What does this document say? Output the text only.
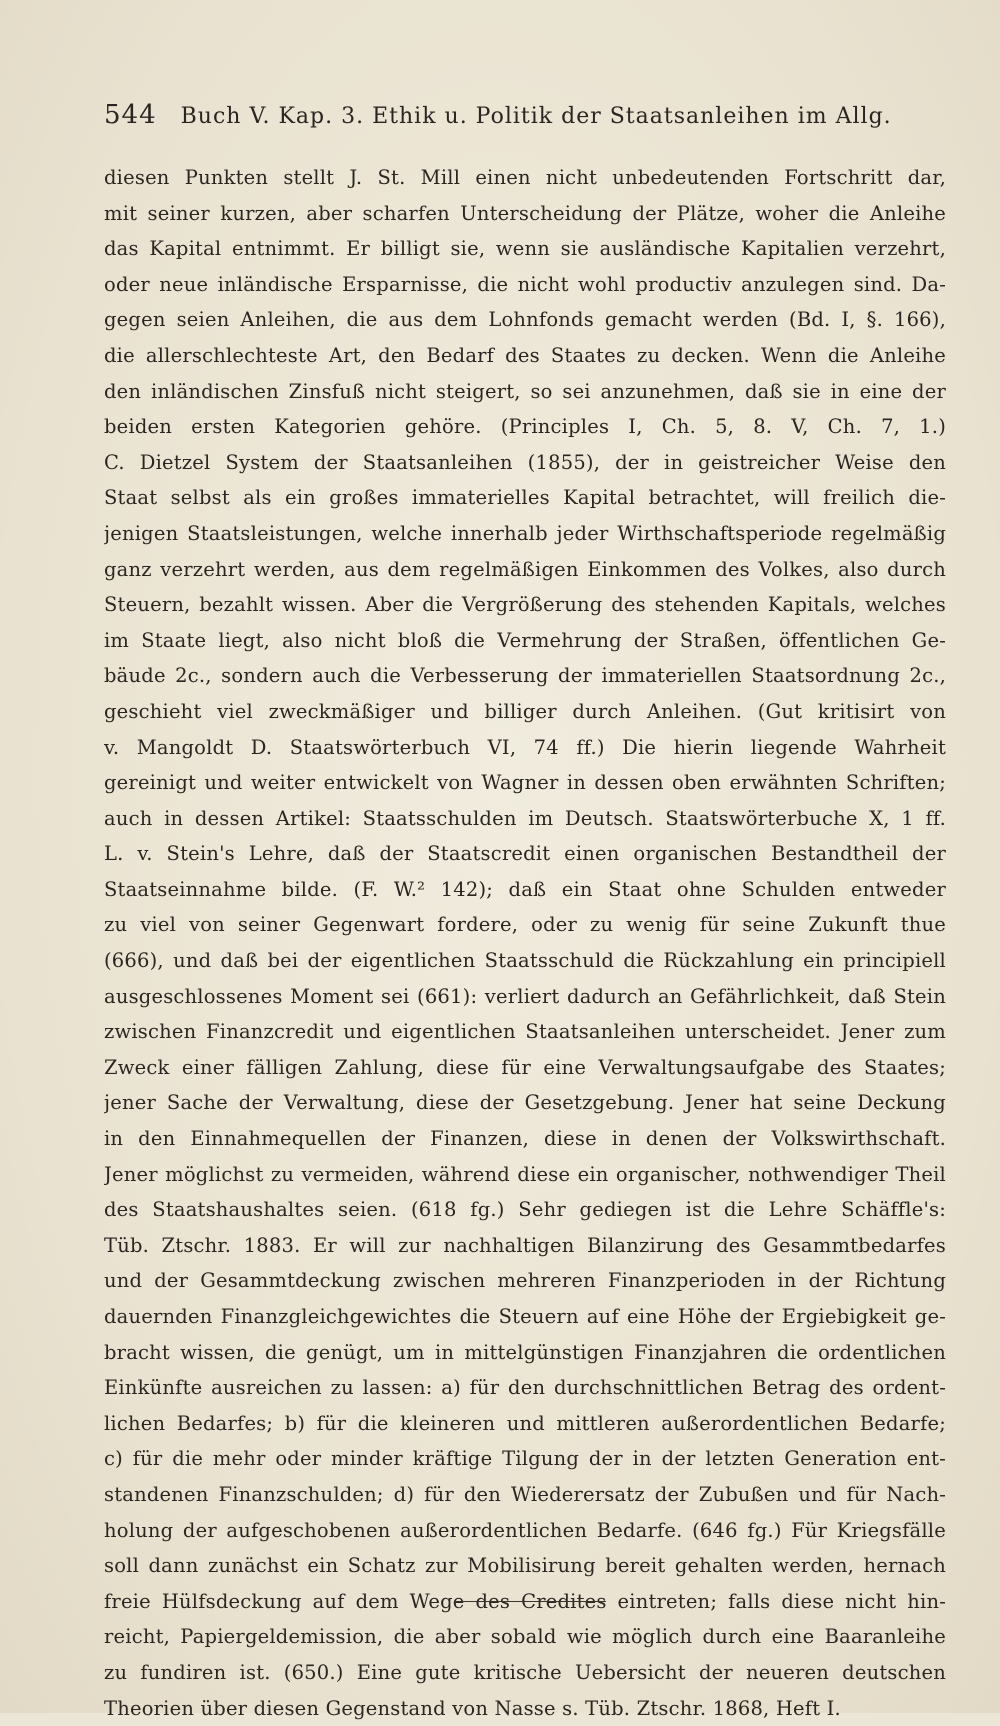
544 Buch V. Kap. 3. Ethik u. Politik der Staatsanleihen im Allg.
diesen Punkten stellt J. St. Mill einen nicht unbedeutenden Fortschritt dar,
mit seiner kurzen, aber scharfen Unterscheidung der Plätze, woher die Anleihe
das Kapital entnimmt. Er billigt sie, wenn sie ausländische Kapitalien verzehrt,
oder neue inländische Ersparnisse, die nicht wohl productiv anzulegen sind. Da-
gegen seien Anleihen, die aus dem Lohnfonds gemacht werden (Bd. I, §. 166),
die allerschlechteste Art, den Bedarf des Staates zu decken. Wenn die Anleihe
den inländischen Zinsfuß nicht steigert, so sei anzunehmen, daß sie in eine der
beiden ersten Kategorien gehöre. (Principles I, Ch. 5, 8. V, Ch. 7, 1.)
C. Dietzel System der Staatsanleihen (1855), der in geistreicher Weise den
Staat selbst als ein großes immaterielles Kapital betrachtet, will freilich die-
jenigen Staatsleistungen, welche innerhalb jeder Wirthschaftsperiode regelmäßig
ganz verzehrt werden, aus dem regelmäßigen Einkommen des Volkes, also durch
Steuern, bezahlt wissen. Aber die Vergrößerung des stehenden Kapitals, welches
im Staate liegt, also nicht bloß die Vermehrung der Straßen, öffentlichen Ge-
bäude 2c., sondern auch die Verbesserung der immateriellen Staatsordnung 2c.,
geschieht viel zweckmäßiger und billiger durch Anleihen. (Gut kritisirt von
v. Mangoldt D. Staatswörterbuch VI, 74 ff.) Die hierin liegende Wahrheit
gereinigt und weiter entwickelt von Wagner in dessen oben erwähnten Schriften;
auch in dessen Artikel: Staatsschulden im Deutsch. Staatswörterbuche X, 1 ff.
L. v. Stein's Lehre, daß der Staatscredit einen organischen Bestandtheil der
Staatseinnahme bilde. (F. W.² 142); daß ein Staat ohne Schulden entweder
zu viel von seiner Gegenwart fordere, oder zu wenig für seine Zukunft thue
(666), und daß bei der eigentlichen Staatsschuld die Rückzahlung ein principiell
ausgeschlossenes Moment sei (661): verliert dadurch an Gefährlichkeit, daß Stein
zwischen Finanzcredit und eigentlichen Staatsanleihen unterscheidet. Jener zum
Zweck einer fälligen Zahlung, diese für eine Verwaltungsaufgabe des Staates;
jener Sache der Verwaltung, diese der Gesetzgebung. Jener hat seine Deckung
in den Einnahmequellen der Finanzen, diese in denen der Volkswirthschaft.
Jener möglichst zu vermeiden, während diese ein organischer, nothwendiger Theil
des Staatshaushaltes seien. (618 fg.) Sehr gediegen ist die Lehre Schäffle's:
Tüb. Ztschr. 1883. Er will zur nachhaltigen Bilanzirung des Gesammtbedarfes
und der Gesammtdeckung zwischen mehreren Finanzperioden in der Richtung
dauernden Finanzgleichgewichtes die Steuern auf eine Höhe der Ergiebigkeit ge-
bracht wissen, die genügt, um in mittelgünstigen Finanzjahren die ordentlichen
Einkünfte ausreichen zu lassen: a) für den durchschnittlichen Betrag des ordent-
lichen Bedarfes; b) für die kleineren und mittleren außerordentlichen Bedarfe;
c) für die mehr oder minder kräftige Tilgung der in der letzten Generation ent-
standenen Finanzschulden; d) für den Wiederersatz der Zubußen und für Nach-
holung der aufgeschobenen außerordentlichen Bedarfe. (646 fg.) Für Kriegsfälle
soll dann zunächst ein Schatz zur Mobilisirung bereit gehalten werden, hernach
freie Hülfsdeckung auf dem Wege des Credites eintreten; falls diese nicht hin-
reicht, Papiergeldemission, die aber sobald wie möglich durch eine Baaranleihe
zu fundiren ist. (650.) Eine gute kritische Uebersicht der neueren deutschen
Theorien über diesen Gegenstand von Nasse s. Tüb. Ztschr. 1868, Heft I.
